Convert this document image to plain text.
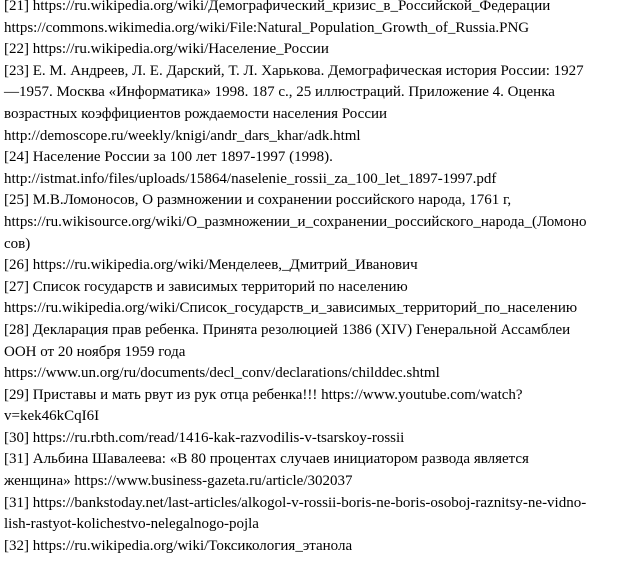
[21] https://ru.wikipedia.org/wiki/Демографический_кризис_в_Российской_Федерации
https://commons.wikimedia.org/wiki/File:Natural_Population_Growth_of_Russia.PNG
[22] https://ru.wikipedia.org/wiki/Население_России
[23] Е. М. Андреев, Л. Е. Дарский, Т. Л. Харькова. Демографическая история России: 1927
—1957. Москва «Информатика» 1998. 187 с., 25 иллюстраций. Приложение 4. Оценка
возрастных коэффициентов рождаемости населения России
http://demoscope.ru/weekly/knigi/andr_dars_khar/adk.html
[24] Население России за 100 лет 1897-1997 (1998).
http://istmat.info/files/uploads/15864/naselenie_rossii_za_100_let_1897-1997.pdf
[25] М.В.Ломоносов, О размножении и сохранении российского народа, 1761 г,
https://ru.wikisource.org/wiki/О_размножении_и_сохранении_российского_народа_(Ломоно
сов)
[26] https://ru.wikipedia.org/wiki/Менделеев,_Дмитрий_Иванович
[27] Список государств и зависимых территорий по населению
https://ru.wikipedia.org/wiki/Список_государств_и_зависимых_территорий_по_населению
[28] Декларация прав ребенка. Принята резолюцией 1386 (XIV) Генеральной Ассамблеи
ООН от 20 ноября 1959 года
https://www.un.org/ru/documents/decl_conv/declarations/childdec.shtml
[29] Приставы и мать рвут из рук отца ребенка!!! https://www.youtube.com/watch?
v=kek46kCqI6I
[30] https://ru.rbth.com/read/1416-kak-razvodilis-v-tsarskoy-rossii
[31] Альбина Шавалеева: «В 80 процентах случаев инициатором развода является
женщина» https://www.business-gazeta.ru/article/302037
[31] https://bankstoday.net/last-articles/alkogol-v-rossii-boris-ne-boris-osoboj-raznitsy-ne-vidno-
lish-rastyot-kolichestvo-nelegalnogo-pojla
[32] https://ru.wikipedia.org/wiki/Токсикология_этанола
